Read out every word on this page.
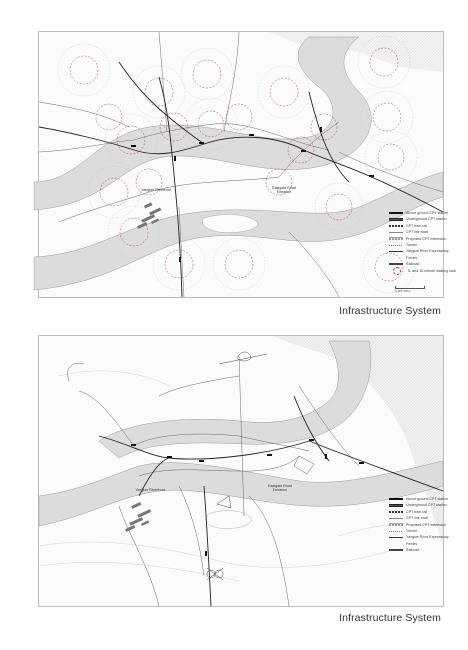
Yangtze Riverfront	Eastgate Road Entrance
Above ground CPT station
Underground CPT station
CPT tram rail
CPT line road
Proposed CPT extension
Tunnel
Yangtze River Expressway
Ferries
Railroad
5- and 10-minute walking radii
0 250 500m
Infrastructure System
Yangtze Riverfront
Eastgate Road Entrance
Above ground CPT station
Underground CPT station
CPT tram rail
CPT line road
Proposed CPT extension
Tunnel
Yangtze River Expressway
Ferries
Railroad
Infrastructure System
